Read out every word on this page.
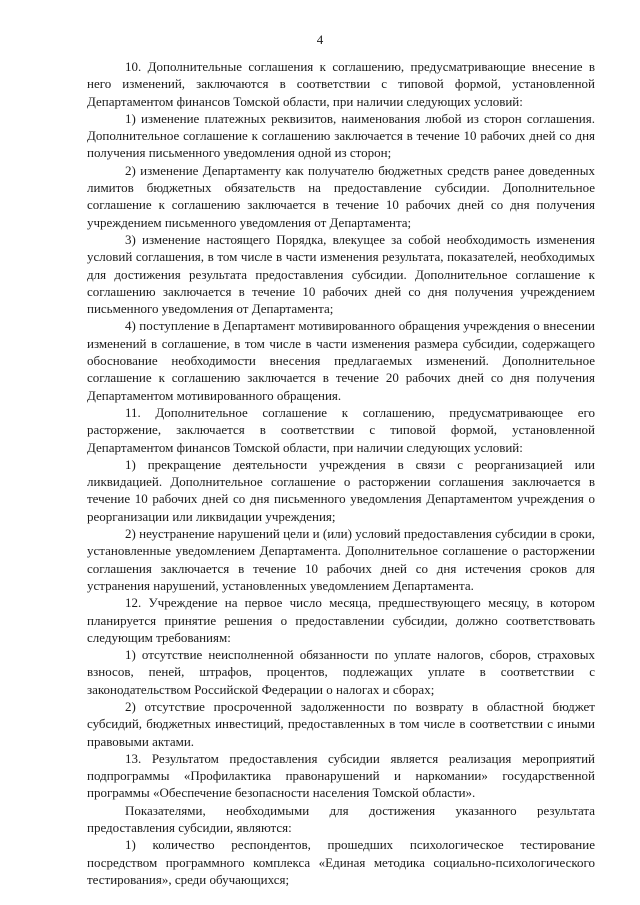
4

10. Дополнительные соглашения к соглашению, предусматривающие внесение в него изменений, заключаются в соответствии с типовой формой, установленной Департаментом финансов Томской области, при наличии следующих условий:

1) изменение платежных реквизитов, наименования любой из сторон соглашения. Дополнительное соглашение к соглашению заключается в течение 10 рабочих дней со дня получения письменного уведомления одной из сторон;

2) изменение Департаменту как получателю бюджетных средств ранее доведенных лимитов бюджетных обязательств на предоставление субсидии. Дополнительное соглашение к соглашению заключается в течение 10 рабочих дней со дня получения учреждением письменного уведомления от Департамента;

3) изменение настоящего Порядка, влекущее за собой необходимость изменения условий соглашения, в том числе в части изменения результата, показателей, необходимых для достижения результата предоставления субсидии. Дополнительное соглашение к соглашению заключается в течение 10 рабочих дней со дня получения учреждением письменного уведомления от Департамента;

4) поступление в Департамент мотивированного обращения учреждения о внесении изменений в соглашение, в том числе в части изменения размера субсидии, содержащего обоснование необходимости внесения предлагаемых изменений. Дополнительное соглашение к соглашению заключается в течение 20 рабочих дней со дня получения Департаментом мотивированного обращения.

11. Дополнительное соглашение к соглашению, предусматривающее его расторжение, заключается в соответствии с типовой формой, установленной Департаментом финансов Томской области, при наличии следующих условий:

1) прекращение деятельности учреждения в связи с реорганизацией или ликвидацией. Дополнительное соглашение о расторжении соглашения заключается в течение 10 рабочих дней со дня письменного уведомления Департаментом учреждения о реорганизации или ликвидации учреждения;

2) неустранение нарушений цели и (или) условий предоставления субсидии в сроки, установленные уведомлением Департамента. Дополнительное соглашение о расторжении соглашения заключается в течение 10 рабочих дней со дня истечения сроков для устранения нарушений, установленных уведомлением Департамента.

12. Учреждение на первое число месяца, предшествующего месяцу, в котором планируется принятие решения о предоставлении субсидии, должно соответствовать следующим требованиям:

1) отсутствие неисполненной обязанности по уплате налогов, сборов, страховых взносов, пеней, штрафов, процентов, подлежащих уплате в соответствии с законодательством Российской Федерации о налогах и сборах;

2) отсутствие просроченной задолженности по возврату в областной бюджет субсидий, бюджетных инвестиций, предоставленных в том числе в соответствии с иными правовыми актами.

13. Результатом предоставления субсидии является реализация мероприятий подпрограммы «Профилактика правонарушений и наркомании» государственной программы «Обеспечение безопасности населения Томской области».

Показателями, необходимыми для достижения указанного результата предоставления субсидии, являются:

1) количество респондентов, прошедших психологическое тестирование посредством программного комплекса «Единая методика социально-психологического тестирования», среди обучающихся;
